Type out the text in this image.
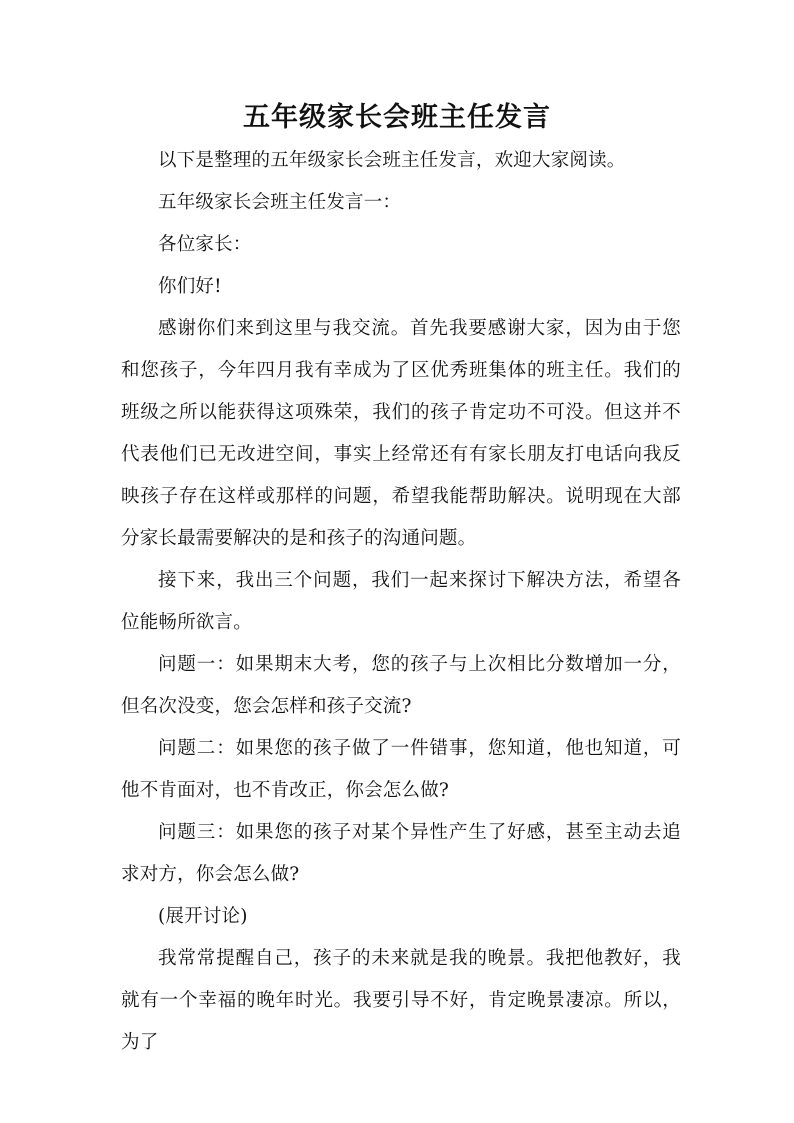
五年级家长会班主任发言

以下是整理的五年级家长会班主任发言，欢迎大家阅读。

五年级家长会班主任发言一：

各位家长：

你们好!

感谢你们来到这里与我交流。首先我要感谢大家，因为由于您和您孩子，今年四月我有幸成为了区优秀班集体的班主任。我们的班级之所以能获得这项殊荣，我们的孩子肯定功不可没。但这并不代表他们已无改进空间，事实上经常还有有家长朋友打电话向我反映孩子存在这样或那样的问题，希望我能帮助解决。说明现在大部分家长最需要解决的是和孩子的沟通问题。

接下来，我出三个问题，我们一起来探讨下解决方法，希望各位能畅所欲言。

问题一：如果期末大考，您的孩子与上次相比分数增加一分，但名次没变，您会怎样和孩子交流?

问题二：如果您的孩子做了一件错事，您知道，他也知道，可他不肯面对，也不肯改正，你会怎么做?

问题三：如果您的孩子对某个异性产生了好感，甚至主动去追求对方，你会怎么做?

(展开讨论)

我常常提醒自己，孩子的未来就是我的晚景。我把他教好，我就有一个幸福的晚年时光。我要引导不好，肯定晚景凄凉。所以，为了
